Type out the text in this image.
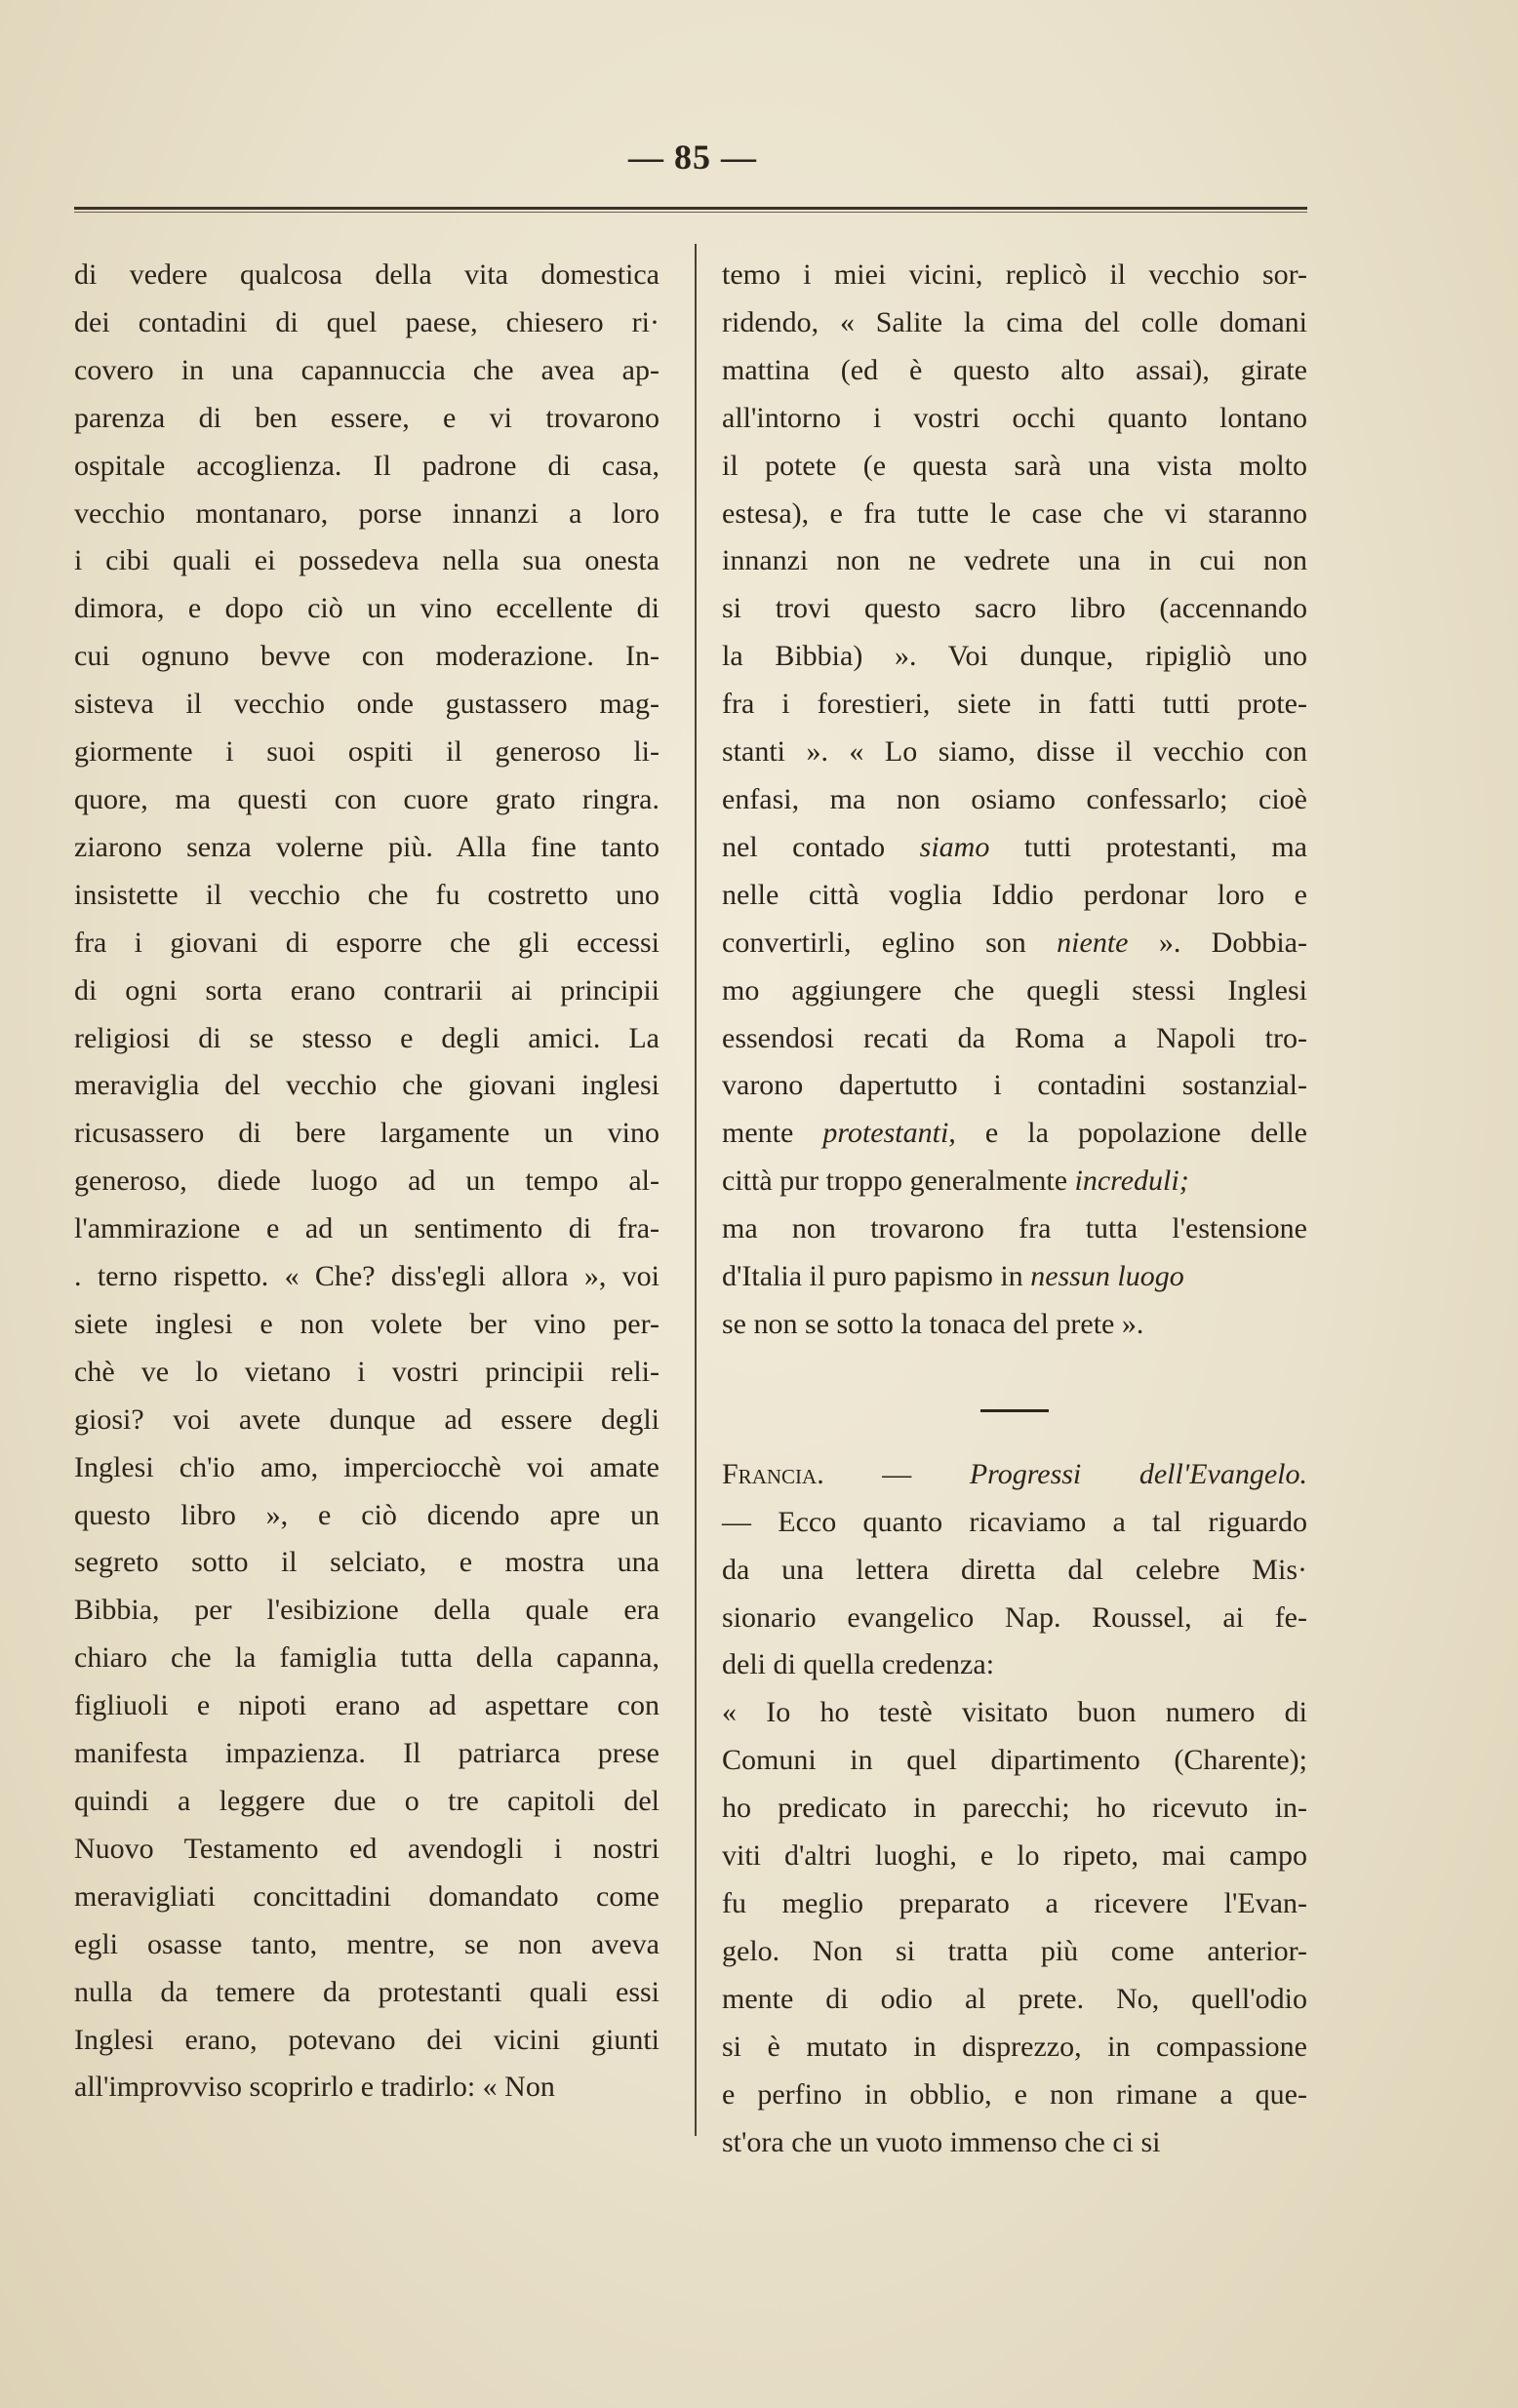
— 85 —
di vedere qualcosa della vita domestica
dei contadini di quel paese, chiesero ri·
covero in una capannuccia che avea ap-
parenza di ben essere, e vi trovarono
ospitale accoglienza. Il padrone di casa,
vecchio montanaro, porse innanzi a loro
i cibi quali ei possedeva nella sua onesta
dimora, e dopo ciò un vino eccellente di
cui ognuno bevve con moderazione. In-
sisteva il vecchio onde gustassero mag-
giormente i suoi ospiti il generoso li-
quore, ma questi con cuore grato ringra.
ziarono senza volerne più. Alla fine tanto
insistette il vecchio che fu costretto uno
fra i giovani di esporre che gli eccessi
di ogni sorta erano contrarii ai principii
religiosi di se stesso e degli amici. La
meraviglia del vecchio che giovani inglesi
ricusassero di bere largamente un vino
generoso, diede luogo ad un tempo al-
l'ammirazione e ad un sentimento di fra-
. terno rispetto. « Che? diss'egli allora », voi
siete inglesi e non volete ber vino per-
chè ve lo vietano i vostri principii reli-
giosi? voi avete dunque ad essere degli
Inglesi ch'io amo, imperciocchè voi amate
questo libro », e ciò dicendo apre un
segreto sotto il selciato, e mostra una
Bibbia, per l'esibizione della quale era
chiaro che la famiglia tutta della capanna,
figliuoli e nipoti erano ad aspettare con
manifesta impazienza. Il patriarca prese
quindi a leggere due o tre capitoli del
Nuovo Testamento ed avendogli i nostri
meravigliati concittadini domandato come
egli osasse tanto, mentre, se non aveva
nulla da temere da protestanti quali essi
Inglesi erano, potevano dei vicini giunti
all'improvviso scoprirlo e tradirlo: « Non
temo i miei vicini, replicò il vecchio sor-
ridendo, « Salite la cima del colle domani
mattina (ed è questo alto assai), girate
all'intorno i vostri occhi quanto lontano
il potete (e questa sarà una vista molto
estesa), e fra tutte le case che vi staranno
innanzi non ne vedrete una in cui non
si trovi questo sacro libro (accennando
la Bibbia) ». Voi dunque, ripigliò uno
fra i forestieri, siete in fatti tutti prote-
stanti ». « Lo siamo, disse il vecchio con
enfasi, ma non osiamo confessarlo; cioè
nel contado siamo tutti protestanti, ma
nelle città voglia Iddio perdonar loro e
convertirli, eglino son niente ». Dobbia-
mo aggiungere che quegli stessi Inglesi
essendosi recati da Roma a Napoli tro-
varono dapertutto i contadini sostanzial-
mente protestanti, e la popolazione delle
città pur troppo generalmente increduli;
ma non trovarono fra tutta l'estensione
d'Italia il puro papismo in nessun luogo
se non se sotto la tonaca del prete ».
Francia. — Progressi dell'Evangelo.
— Ecco quanto ricaviamo a tal riguardo
da una lettera diretta dal celebre Mis·
sionario evangelico Nap. Roussel, ai fe-
deli di quella credenza:
« Io ho testè visitato buon numero di
Comuni in quel dipartimento (Charente);
ho predicato in parecchi; ho ricevuto in-
viti d'altri luoghi, e lo ripeto, mai campo
fu meglio preparato a ricevere l'Evan-
gelo. Non si tratta più come anterior-
mente di odio al prete. No, quell'odio
si è mutato in disprezzo, in compassione
e perfino in obblio, e non rimane a que-
st'ora che un vuoto immenso che ci si
